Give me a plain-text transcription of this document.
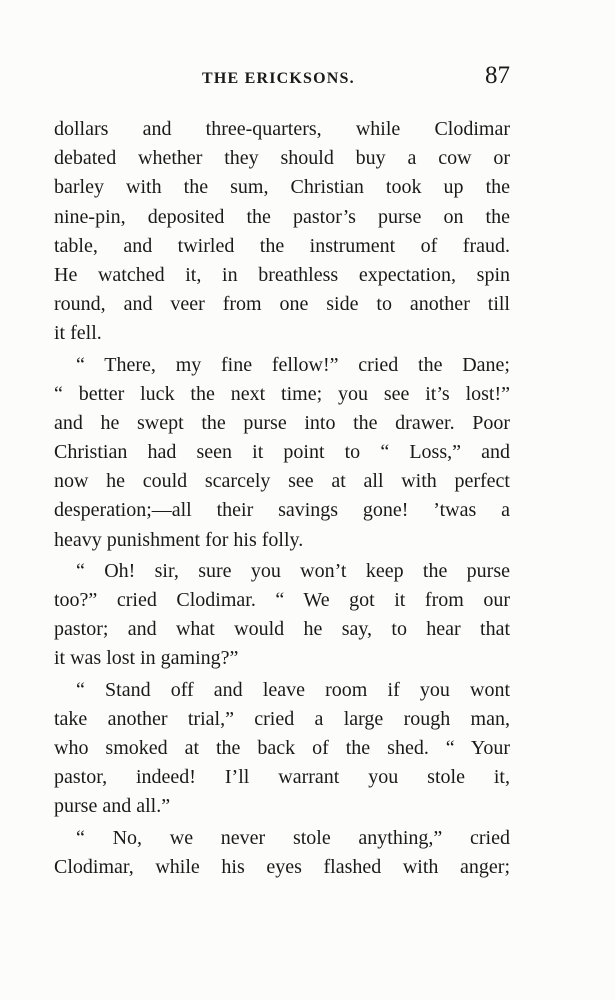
THE ERICKSONS.	87
dollars and three-quarters, while Clodimar
debated whether they should buy a cow or
barley with the sum, Christian took up the
nine-pin, deposited the pastor’s purse on the
table, and twirled the instrument of fraud.
He watched it, in breathless expectation, spin
round, and veer from one side to another till
it fell.
“ There, my fine fellow!” cried the Dane;
“ better luck the next time; you see it’s lost!”
and he swept the purse into the drawer. Poor
Christian had seen it point to “ Loss,” and
now he could scarcely see at all with perfect
desperation;—all their savings gone! ’twas a
heavy punishment for his folly.
“ Oh! sir, sure you won’t keep the purse
too?” cried Clodimar. “ We got it from our
pastor; and what would he say, to hear that
it was lost in gaming?”
“ Stand off and leave room if you wont
take another trial,” cried a large rough man,
who smoked at the back of the shed. “ Your
pastor, indeed! I’ll warrant you stole it,
purse and all.”
“ No, we never stole anything,” cried
Clodimar, while his eyes flashed with anger;
